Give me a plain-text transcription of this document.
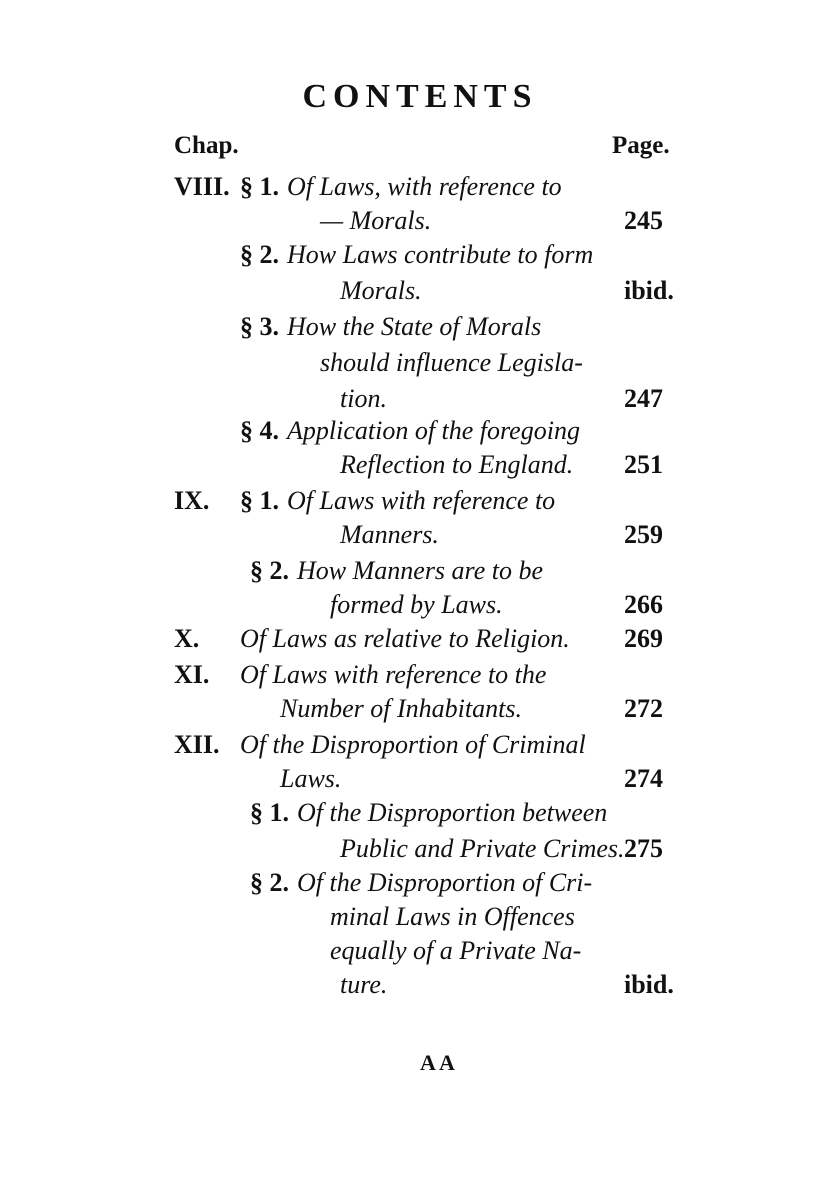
CONTENTS
Chap.	Page.
VIII. § 1. Of Laws, with reference to
— Morals.	245
§ 2. How Laws contribute to form
Morals.	ibid.
§ 3. How the State of Morals
should influence Legisla-
tion.	247
§ 4. Application of the foregoing
Reflection to England. 251
IX. § 1. Of Laws with reference to
Manners.	259
§ 2. How Manners are to be
formed by Laws.	266
X. Of Laws as relative to Religion. 269
XI. Of Laws with reference to the
Number of Inhabitants.	272
XII. Of the Disproportion of Criminal
Laws.	274
§ 1. Of the Disproportion between
Public and Private Crimes. 275
§ 2. Of the Disproportion of Cri-
minal Laws in Offences
equally of a Private Na-
ture.	ibid.
A A
